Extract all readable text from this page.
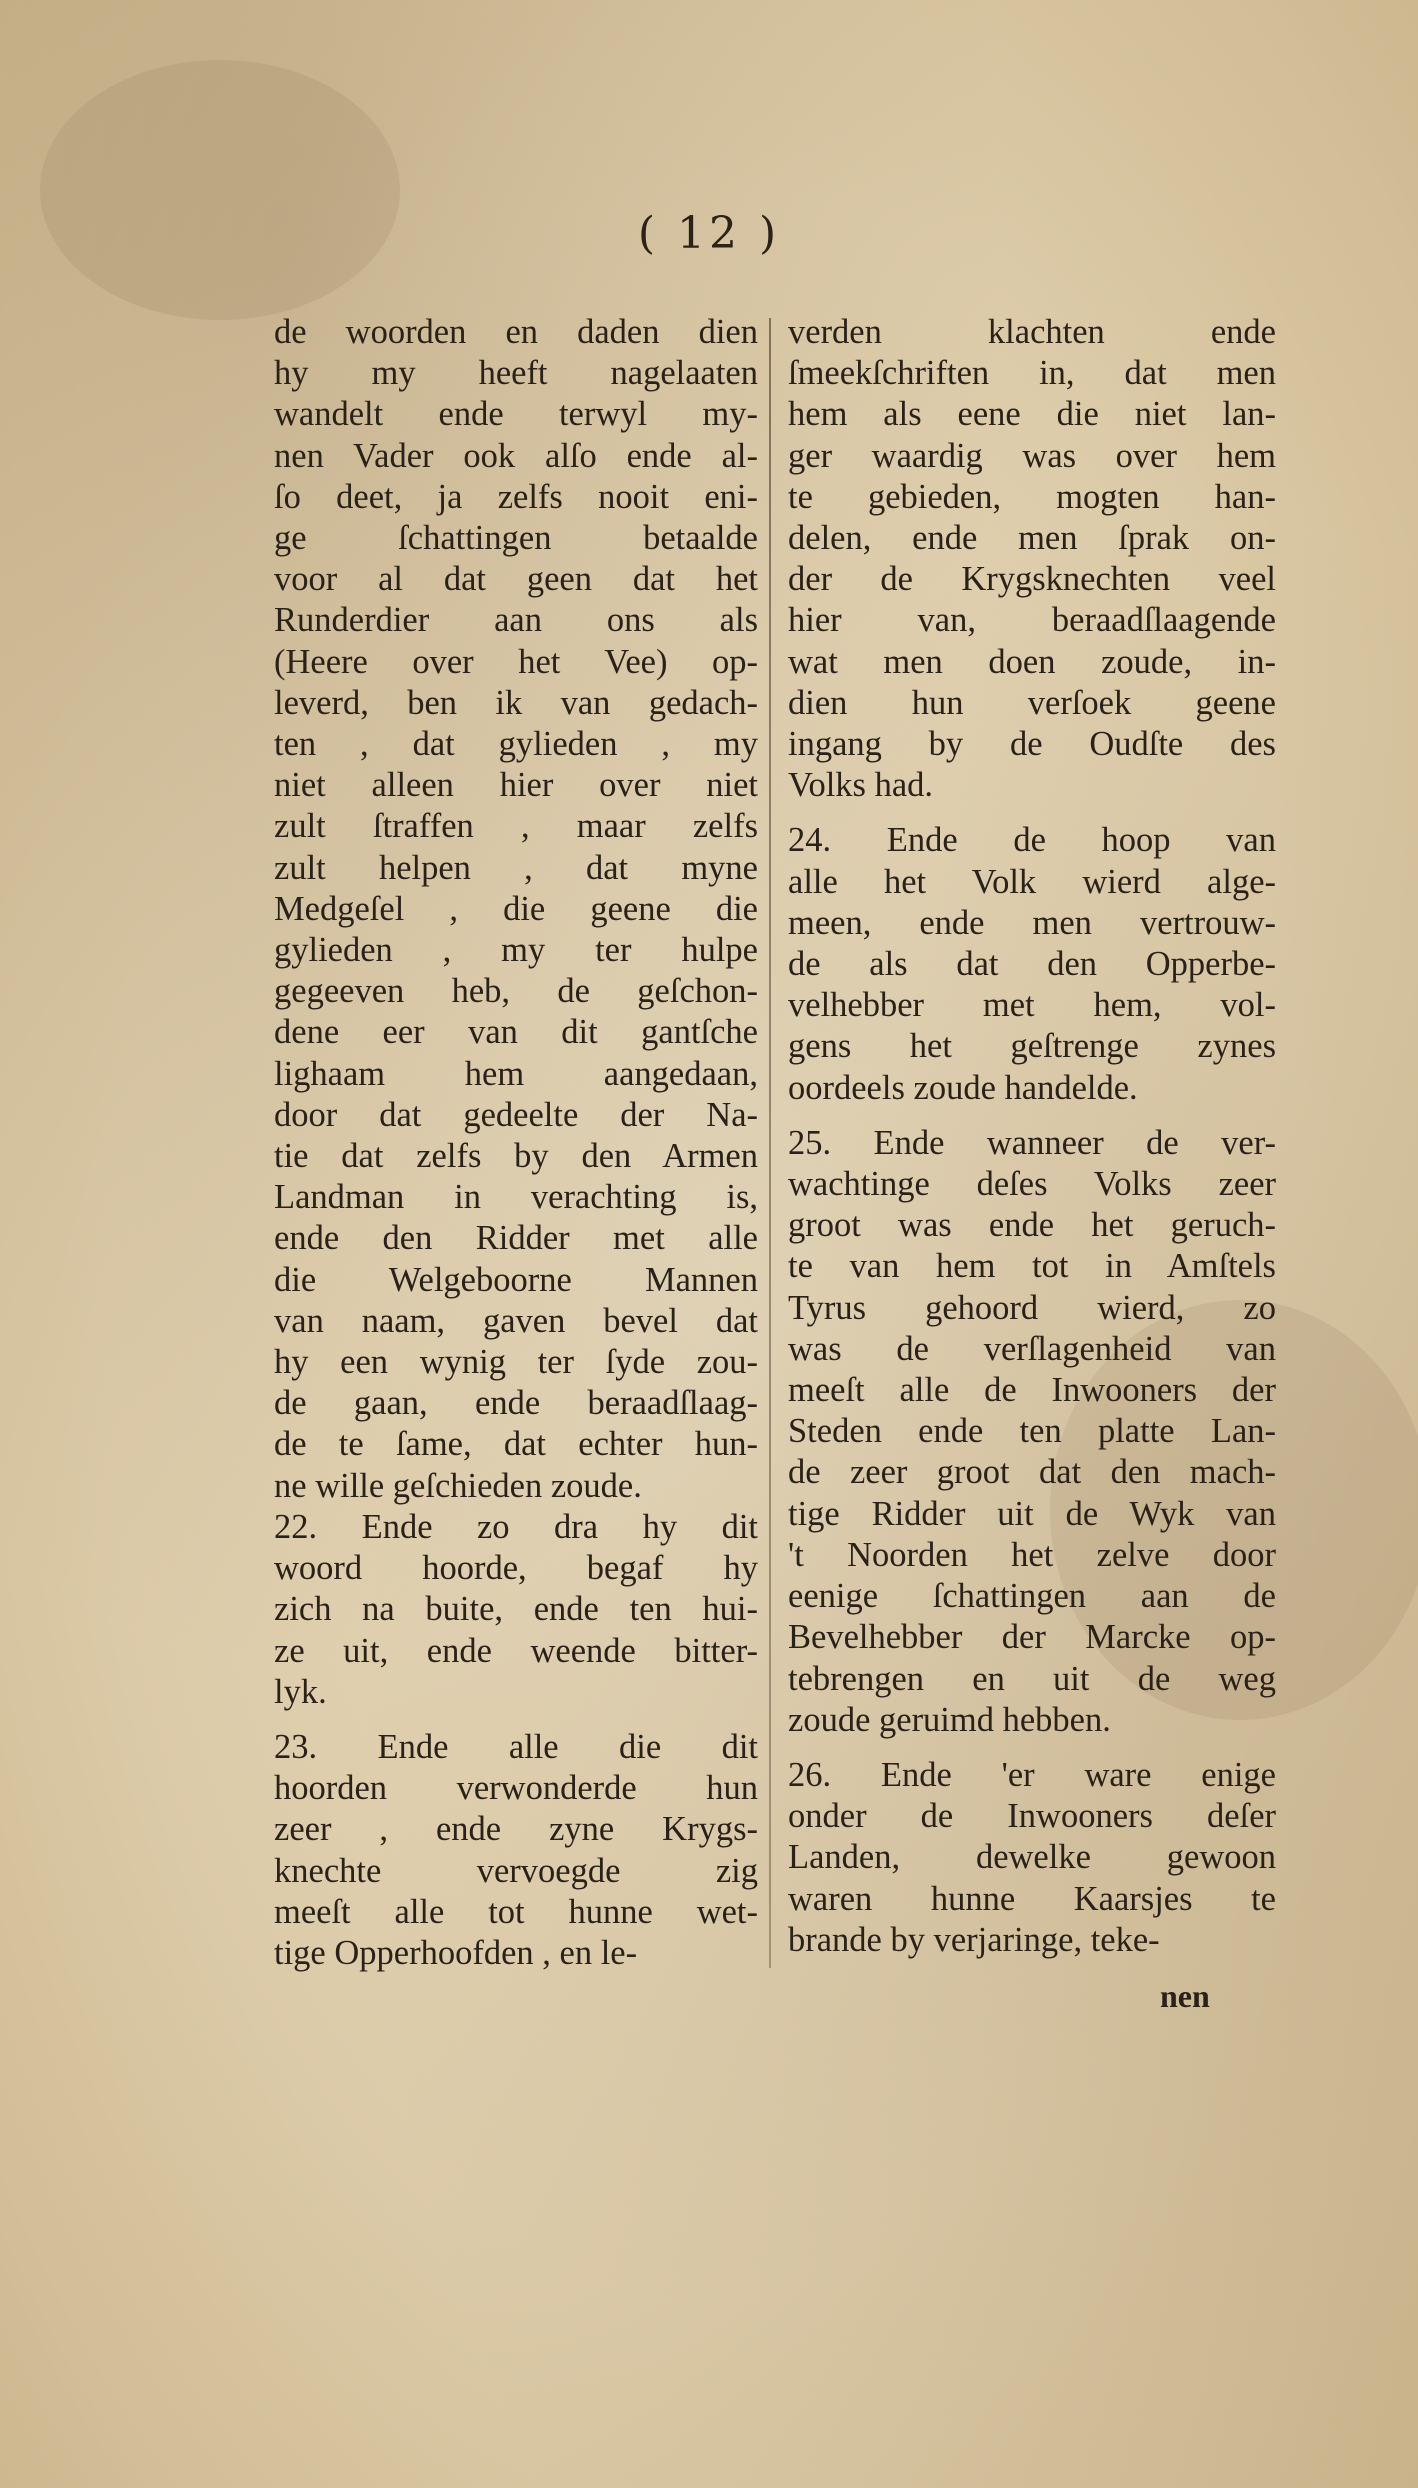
( 12 )
de woorden en daden dien
hy my heeft nagelaaten
wandelt ende terwyl my-
nen Vader ook alſo ende al-
ſo deet, ja zelfs nooit eni-
ge ſchattingen betaalde
voor al dat geen dat het
Runderdier aan ons als
(Heere over het Vee) op-
leverd, ben ik van gedach-
ten , dat gylieden , my
niet alleen hier over niet
zult ſtraffen , maar zelfs
zult helpen , dat myne
Medgeſel , die geene die
gylieden , my ter hulpe
gegeeven heb, de geſchon-
dene eer van dit gantſche
lighaam hem aangedaan,
door dat gedeelte der Na-
tie dat zelfs by den Armen
Landman in verachting is,
ende den Ridder met alle
die Welgeboorne Mannen
van naam, gaven bevel dat
hy een wynig ter ſyde zou-
de gaan, ende beraadſlaag-
de te ſame, dat echter hun-
ne wille geſchieden zoude.
22. Ende zo dra hy dit
woord hoorde, begaf hy
zich na buite, ende ten hui-
ze uit, ende weende bitter-
lyk.
23. Ende alle die dit
hoorden verwonderde hun
zeer , ende zyne Krygs-
knechte vervoegde zig
meeſt alle tot hunne wet-
tige Opperhoofden , en le-
verden klachten ende
ſmeekſchriften in, dat men
hem als eene die niet lan-
ger waardig was over hem
te gebieden, mogten han-
delen, ende men ſprak on-
der de Krygsknechten veel
hier van, beraadſlaagende
wat men doen zoude, in-
dien hun verſoek geene
ingang by de Oudſte des
Volks had.
24. Ende de hoop van
alle het Volk wierd alge-
meen, ende men vertrouw-
de als dat den Opperbe-
velhebber met hem, vol-
gens het geſtrenge zynes
oordeels zoude handelde.
25. Ende wanneer de ver-
wachtinge deſes Volks zeer
groot was ende het geruch-
te van hem tot in Amſtels
Tyrus gehoord wierd, zo
was de verſlagenheid van
meeſt alle de Inwooners der
Steden ende ten platte Lan-
de zeer groot dat den mach-
tige Ridder uit de Wyk van
't Noorden het zelve door
eenige ſchattingen aan de
Bevelhebber der Marcke op-
tebrengen en uit de weg
zoude geruimd hebben.
26. Ende 'er ware enige
onder de Inwooners deſer
Landen, dewelke gewoon
waren hunne Kaarsjes te
brande by verjaringe, teke-
nen
